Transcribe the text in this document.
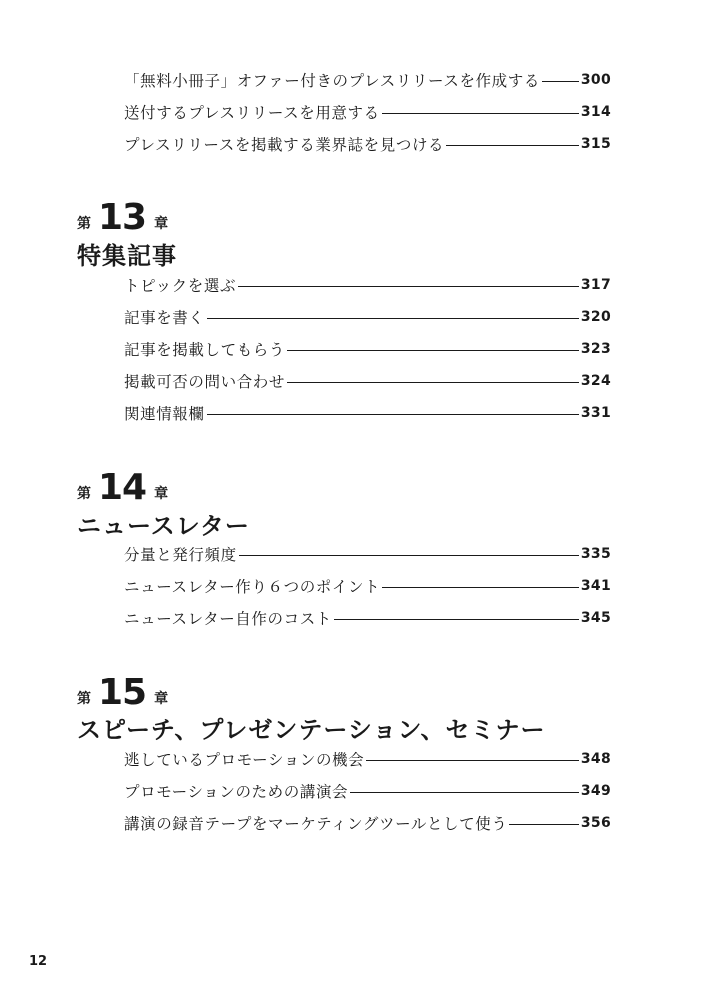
「無料小冊子」オファー付きのプレスリリースを作成する	300
送付するプレスリリースを用意する	314
プレスリリースを掲載する業界誌を見つける	315
第 13 章
特集記事
トピックを選ぶ	317
記事を書く	320
記事を掲載してもらう	323
掲載可否の問い合わせ	324
関連情報欄	331
第 14 章
ニュースレター
分量と発行頻度	335
ニュースレター作り６つのポイント	341
ニュースレター自作のコスト	345
第 15 章
スピーチ、プレゼンテーション、セミナー
逃しているプロモーションの機会	348
プロモーションのための講演会	349
講演の録音テープをマーケティングツールとして使う	356
12
